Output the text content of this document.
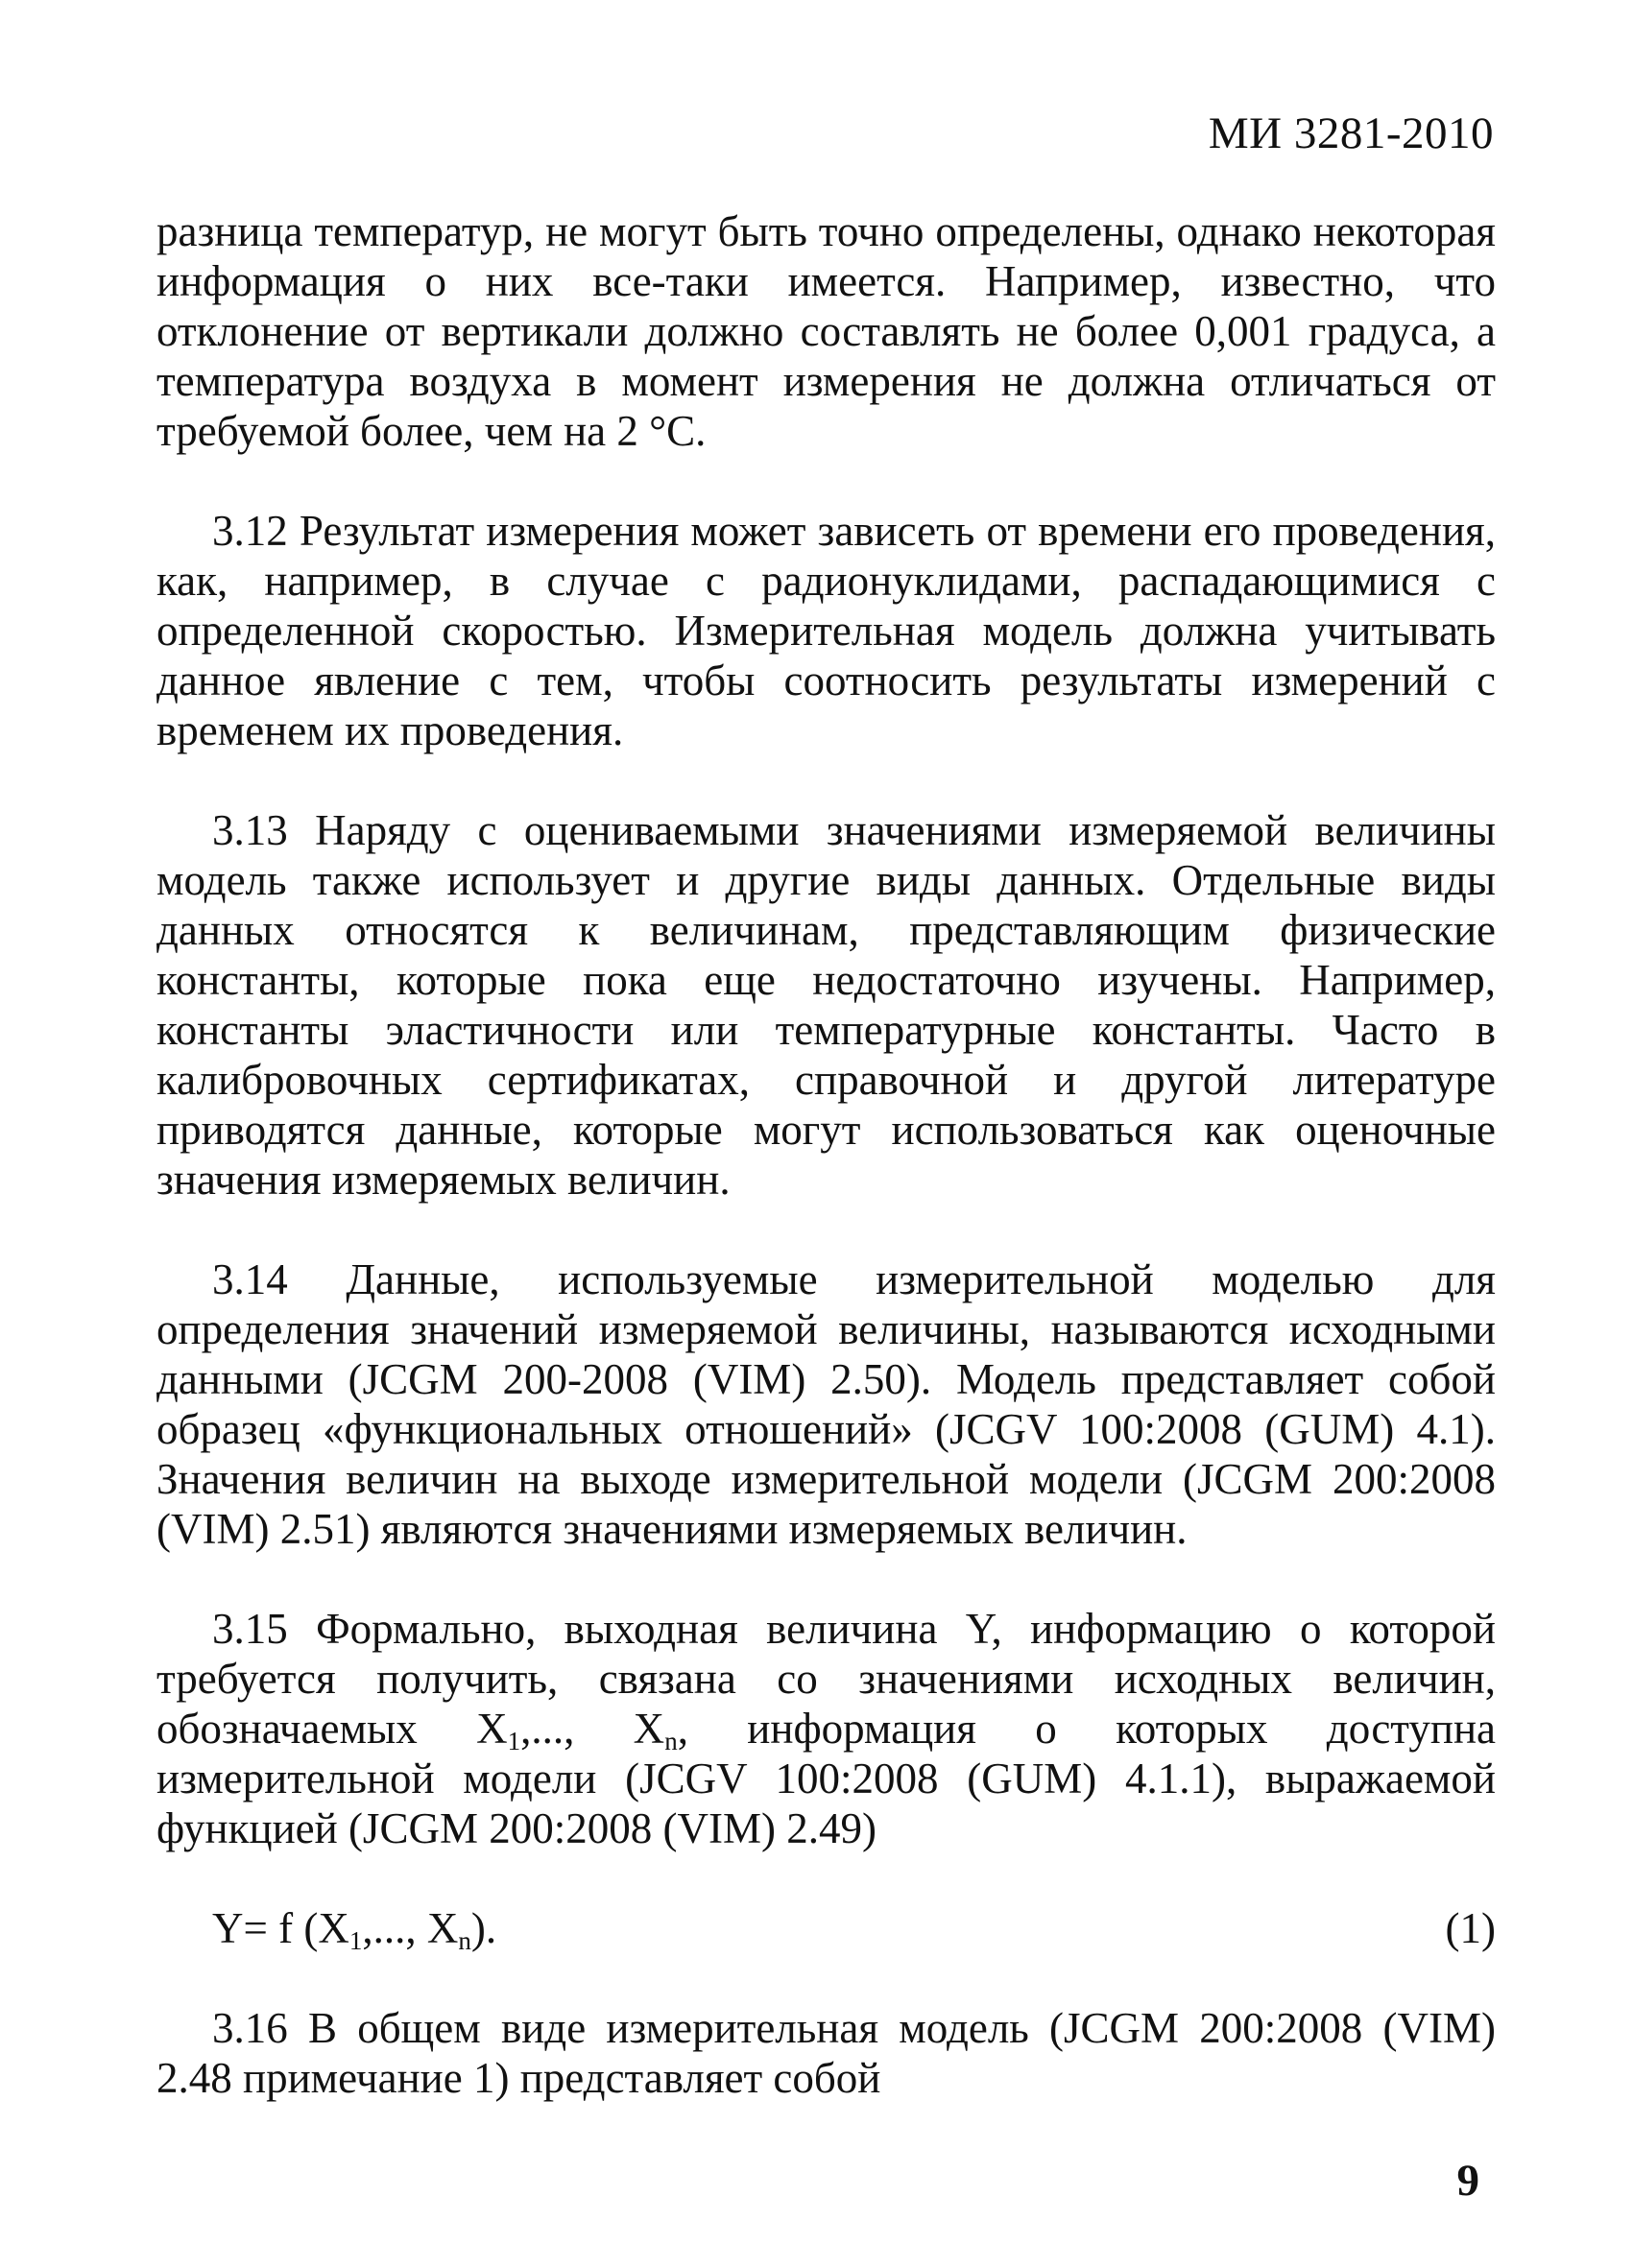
МИ 3281-2010

разница температур, не могут быть точно определены, однако некоторая информация о них все-таки имеется. Например, известно, что отклонение от вертикали должно составлять не более 0,001 градуса, а температура воздуха в момент измерения не должна отличаться от требуемой более, чем на 2 °С.

3.12 Результат измерения может зависеть от времени его проведения, как, например, в случае с радионуклидами, распадающимися с определенной скоростью. Измерительная модель должна учитывать данное явление с тем, чтобы соотносить результаты измерений с временем их проведения.

3.13 Наряду с оцениваемыми значениями измеряемой величины модель также использует и другие виды данных. Отдельные виды данных относятся к величинам, представляющим физические константы, которые пока еще недостаточно изучены. Например, константы эластичности или температурные константы. Часто в калибровочных сертификатах, справочной и другой литературе приводятся данные, которые могут использоваться как оценочные значения измеряемых величин.

3.14 Данные, используемые измерительной моделью для определения значений измеряемой величины, называются исходными данными (JCGM 200-2008 (VIM) 2.50). Модель представляет собой образец «функциональных отношений» (JCGV 100:2008 (GUM) 4.1). Значения величин на выходе измерительной модели (JCGM 200:2008 (VIM) 2.51) являются значениями измеряемых величин.

3.15 Формально, выходная величина Y, информацию о которой требуется получить, связана со значениями исходных величин, обозначаемых $X_1$,..., $X_n$, информация о которых доступна измерительной модели (JCGV 100:2008 (GUM) 4.1.1), выражаемой функцией (JCGM 200:2008 (VIM) 2.49)

Y= f ($X_1$,..., $X_n$).	(1)

3.16 В общем виде измерительная модель (JCGM 200:2008 (VIM) 2.48 примечание 1) представляет собой

9
